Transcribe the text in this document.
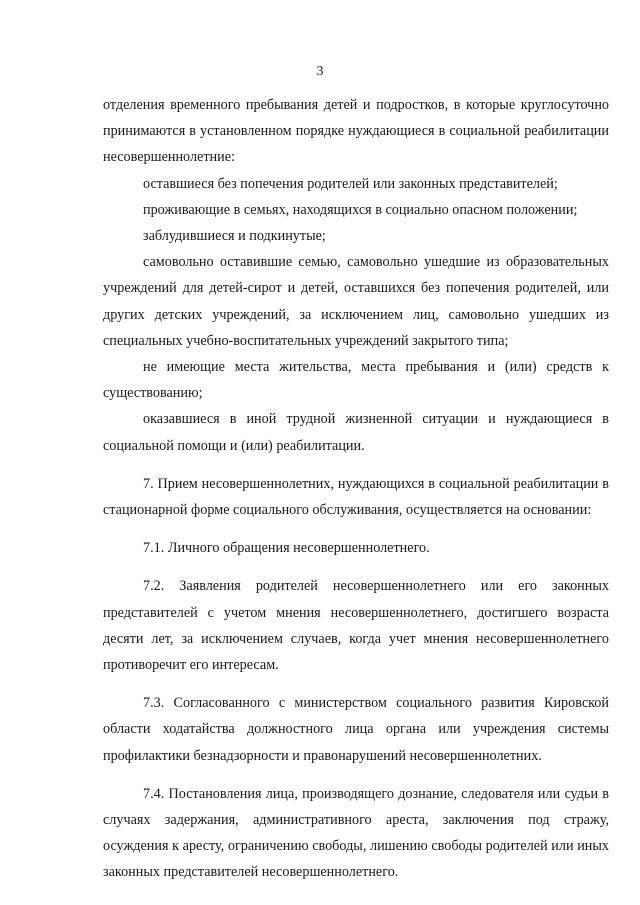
3

отделения временного пребывания детей и подростков, в которые круглосуточно принимаются в установленном порядке нуждающиеся в социальной реабилитации несовершеннолетние:

оставшиеся без попечения родителей или законных представителей;

проживающие в семьях, находящихся в социально опасном положении;

заблудившиеся и подкинутые;

самовольно оставившие семью, самовольно ушедшие из образовательных учреждений для детей-сирот и детей, оставшихся без попечения родителей, или других детских учреждений, за исключением лиц, самовольно ушедших из специальных учебно-воспитательных учреждений закрытого типа;

не имеющие места жительства, места пребывания и (или) средств к существованию;

оказавшиеся в иной трудной жизненной ситуации и нуждающиеся в социальной помощи и (или) реабилитации.

7. Прием несовершеннолетних, нуждающихся в социальной реабилитации в стационарной форме социального обслуживания, осуществляется на основании:

7.1. Личного обращения несовершеннолетнего.

7.2. Заявления родителей несовершеннолетнего или его законных представителей с учетом мнения несовершеннолетнего, достигшего возраста десяти лет, за исключением случаев, когда учет мнения несовершеннолетнего противоречит его интересам.

7.3. Согласованного с министерством социального развития Кировской области ходатайства должностного лица органа или учреждения системы профилактики безнадзорности и правонарушений несовершеннолетних.

7.4. Постановления лица, производящего дознание, следователя или судьи в случаях задержания, административного ареста, заключения под стражу, осуждения к аресту, ограничению свободы, лишению свободы родителей или иных законных представителей несовершеннолетнего.
